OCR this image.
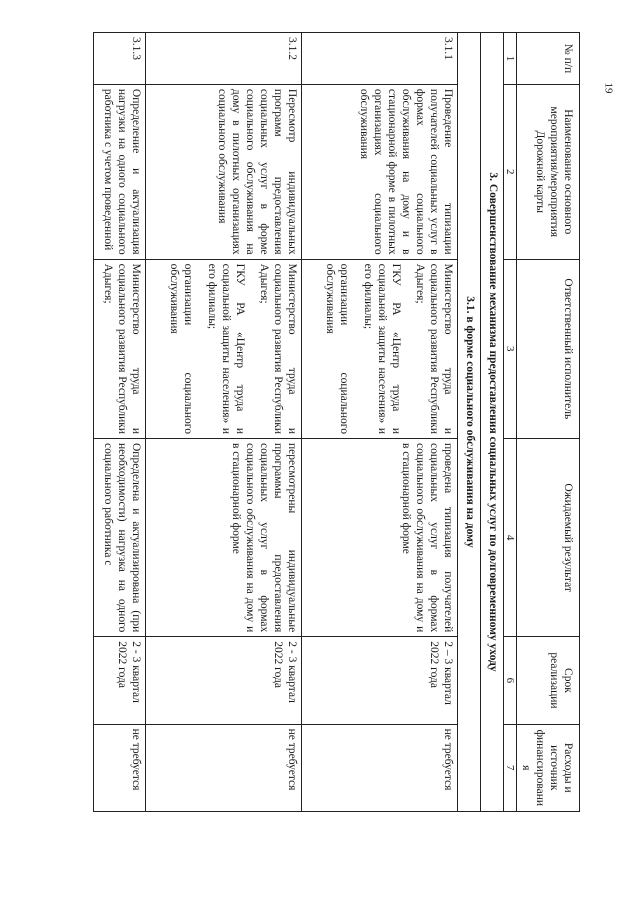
19
№ п/п	Наименование основного мероприятия/мероприятия Дорожной карты	Ответственный исполнитель	Ожидаемый результат	Срок реализации	Расходы и источник финансировани я
1	2	3	4	6	7
3. Совершенствование механизма предоставления социальных услуг по долговременному уходу					
3.1. в форме социального обслуживания на дому					
3.1.1	Проведение типизации получателей социальных услуг в формах социального обслуживания на дому и в стационарной форме в пилотных организациях социального обслуживания	Министерство труда и социального развития Республики Адыгея;
ГКУ РА «Центр труда и социальной защиты населения» и его филиалы;
организации социального обслуживания	проведена типизация получателей социальных услуг в формах социального обслуживания на дому и в стационарной форме	2 – 3 квартал 2022 года	не требуется
3.1.2	Пересмотр индивидуальных программ предоставления социальных услуг в форме социального обслуживания на дому в пилотных организациях социального обслуживания	Министерство труда и социального развития Республики Адыгея;
ГКУ РА «Центр труда и социальной защиты населения» и его филиалы;
организации социального обслуживания	пересмотрены индивидуальные программы предоставления социальных услуг в формах социального обслуживания на дому и в стационарной форме	2 - 3 квартал 2022 года	не требуется
3.1.3	Определение и актуализация нагрузки на одного социального работника с учетом проведенной	Министерство труда и социального развития Республики Адыгея;	Определена и актуализирована (при необходимости) нагрузка на одного социального работника с	2 - 3 квартал 2022 года	не требуется
